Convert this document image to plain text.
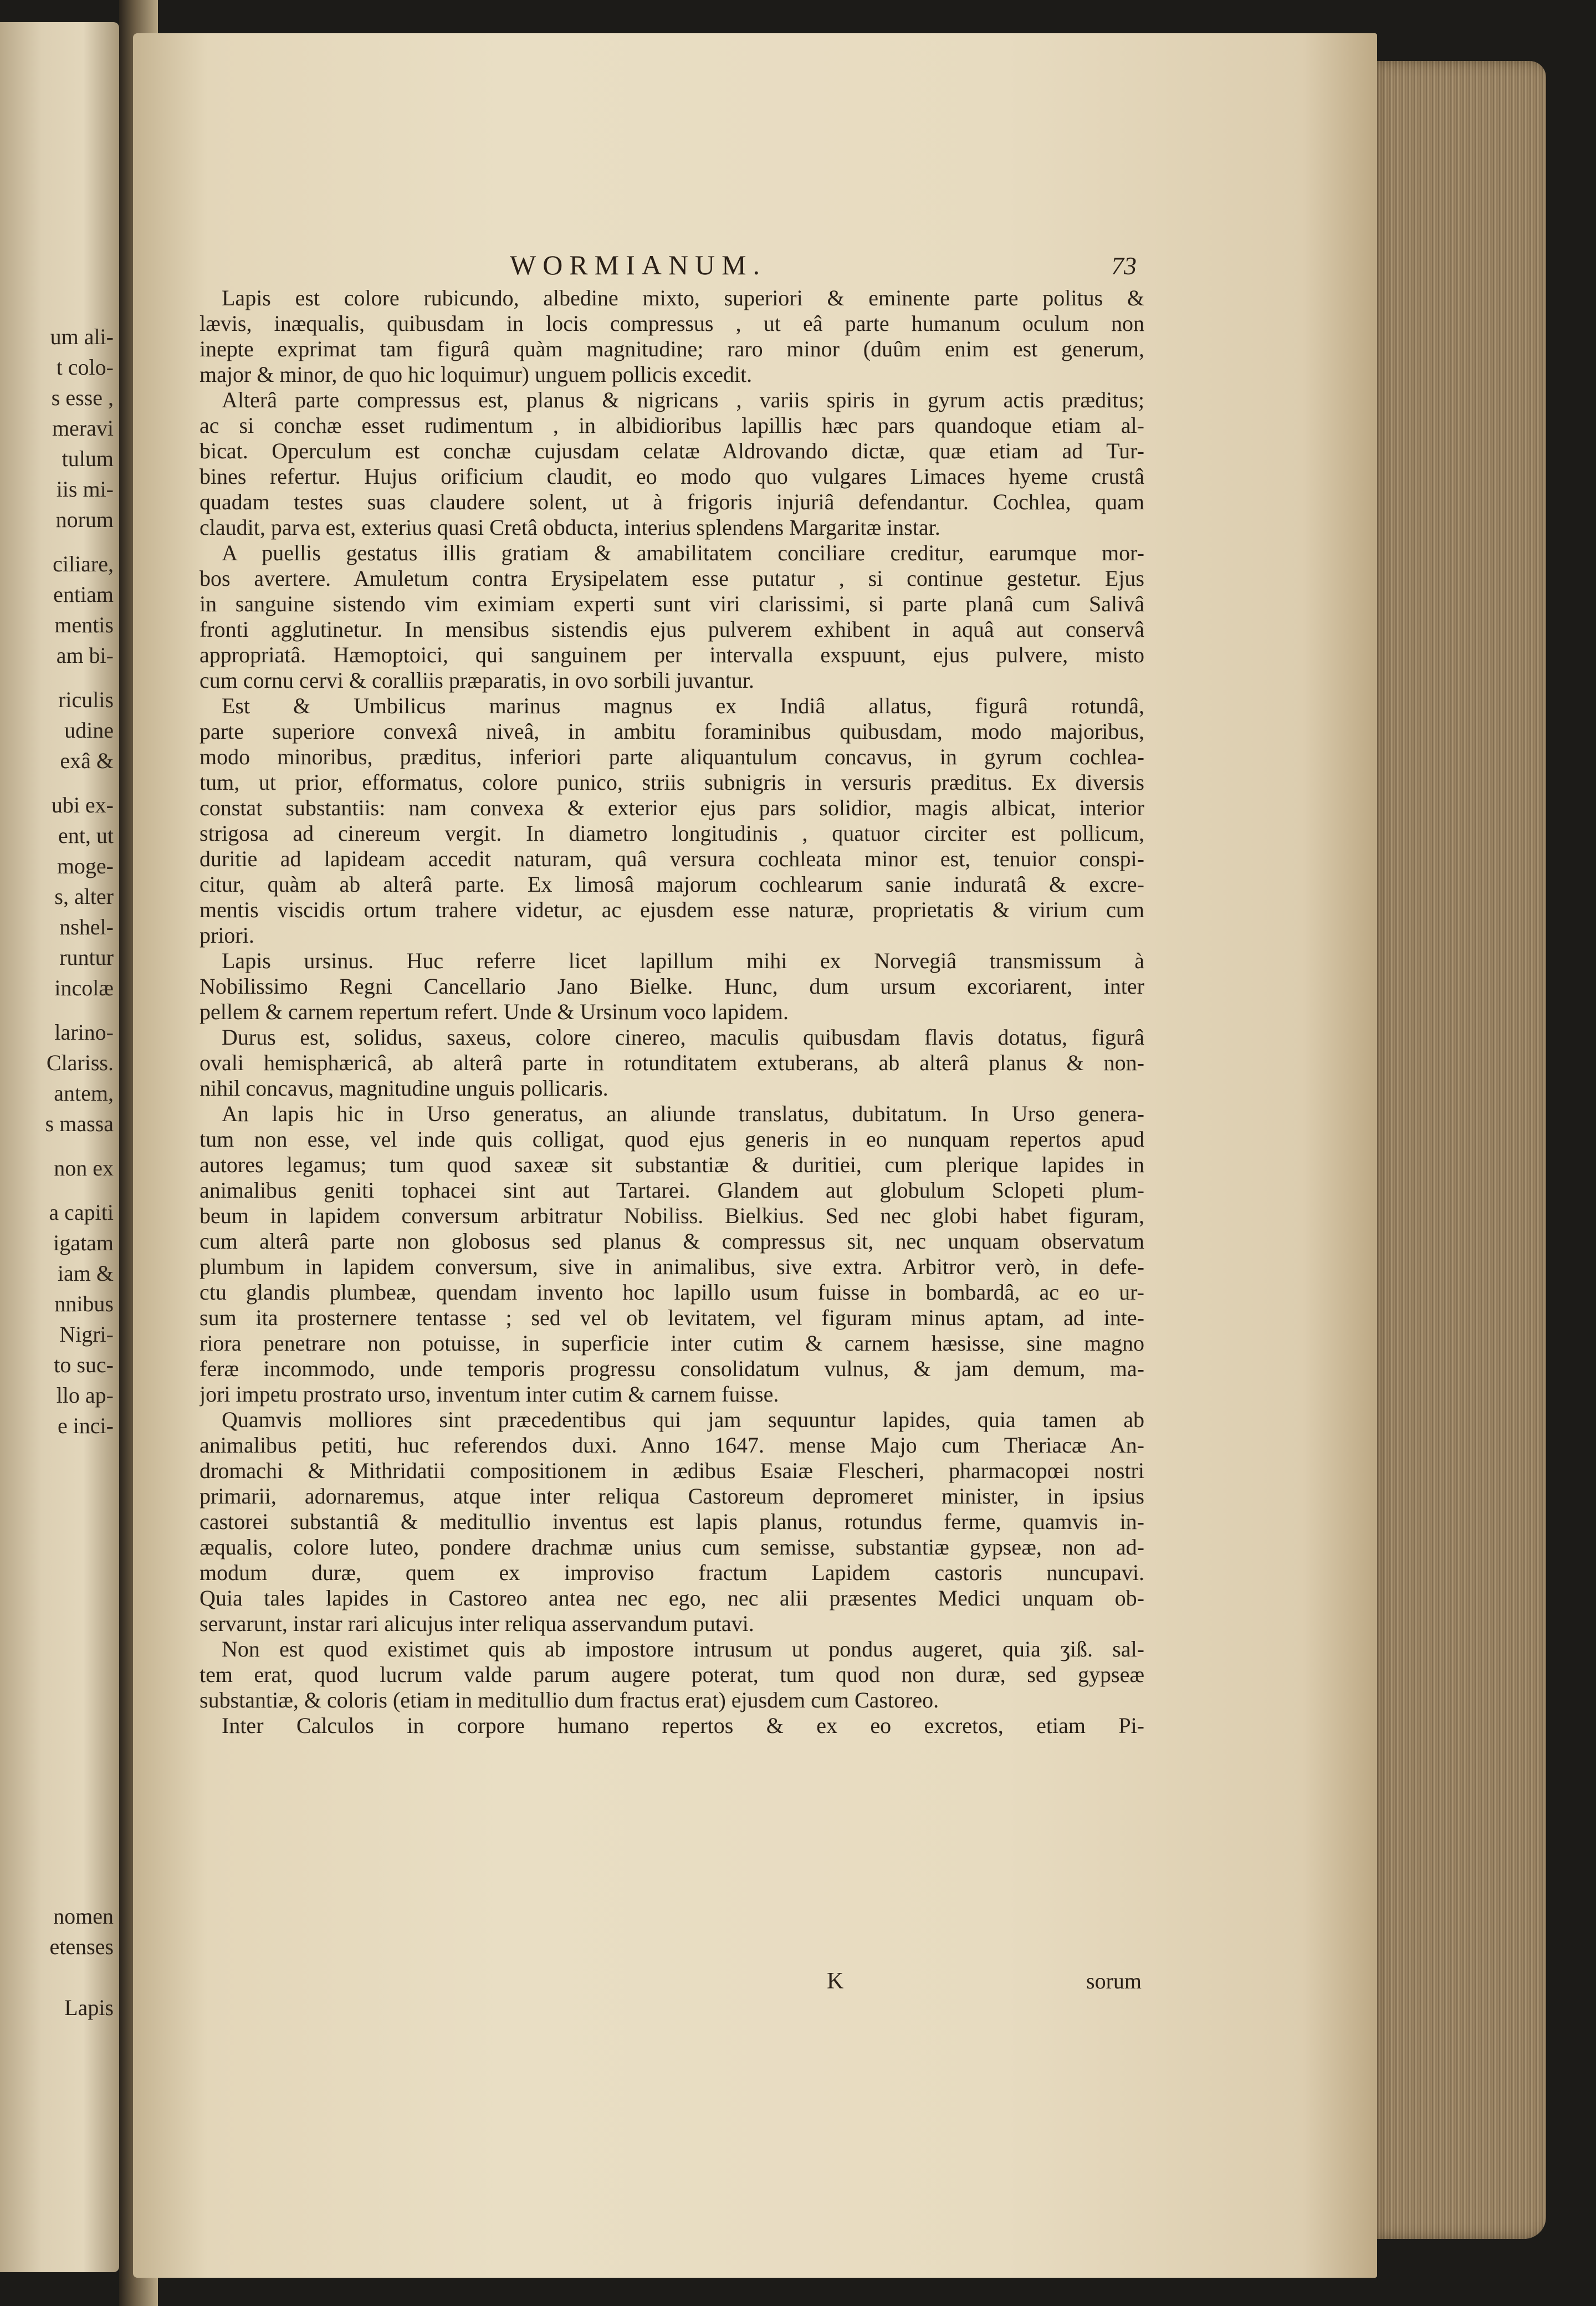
um ali-
t colo-
s esse ,
meravi
tulum
iis mi-
norum
ciliare,
entiam
mentis
am bi-
riculis
udine
exâ &
ubi ex-
ent, ut
moge-
s, alter
nshel-
runtur
incolæ
larino-
Clariss.
antem,
s massa
non ex
a capiti
igatam
iam &
nnibus
Nigri-
to suc-
llo ap-
e inci-
nomen
etenses
Lapis
WORMIANUM.	73
Lapis est colore rubicundo, albedine mixto, superiori & eminente parte politus &
lævis, inæqualis, quibusdam in locis compressus , ut eâ parte humanum oculum non
inepte exprimat tam figurâ quàm magnitudine; raro minor (duûm enim est generum,
major & minor, de quo hic loquimur) unguem pollicis excedit.
Alterâ parte compressus est, planus & nigricans , variis spiris in gyrum actis præditus;
ac si conchæ esset rudimentum , in albidioribus lapillis hæc pars quandoque etiam al-
bicat. Operculum est conchæ cujusdam celatæ Aldrovando dictæ, quæ etiam ad Tur-
bines refertur. Hujus orificium claudit, eo modo quo vulgares Limaces hyeme crustâ
quadam testes suas claudere solent, ut à frigoris injuriâ defendantur. Cochlea, quam
claudit, parva est, exterius quasi Cretâ obducta, interius splendens Margaritæ instar.
A puellis gestatus illis gratiam & amabilitatem conciliare creditur, earumque mor-
bos avertere. Amuletum contra Erysipelatem esse putatur , si continue gestetur. Ejus
in sanguine sistendo vim eximiam experti sunt viri clarissimi, si parte planâ cum Salivâ
fronti agglutinetur. In mensibus sistendis ejus pulverem exhibent in aquâ aut conservâ
appropriatâ. Hæmoptoici, qui sanguinem per intervalla exspuunt, ejus pulvere, misto
cum cornu cervi & coralliis præparatis, in ovo sorbili juvantur.
Est & Umbilicus marinus magnus ex Indiâ allatus, figurâ rotundâ,
parte superiore convexâ niveâ, in ambitu foraminibus quibusdam, modo majoribus,
modo minoribus, præditus, inferiori parte aliquantulum concavus, in gyrum cochlea-
tum, ut prior, efformatus, colore punico, striis subnigris in versuris præditus. Ex diversis
constat substantiis: nam convexa & exterior ejus pars solidior, magis albicat, interior
strigosa ad cinereum vergit. In diametro longitudinis , quatuor circiter est pollicum,
duritie ad lapideam accedit naturam, quâ versura cochleata minor est, tenuior conspi-
citur, quàm ab alterâ parte. Ex limosâ majorum cochlearum sanie induratâ & excre-
mentis viscidis ortum trahere videtur, ac ejusdem esse naturæ, proprietatis & virium cum
priori.
Lapis ursinus. Huc referre licet lapillum mihi ex Norvegiâ transmissum à
Nobilissimo Regni Cancellario Jano Bielke. Hunc, dum ursum excoriarent, inter
pellem & carnem repertum refert. Unde & Ursinum voco lapidem.
Durus est, solidus, saxeus, colore cinereo, maculis quibusdam flavis dotatus, figurâ
ovali hemisphæricâ, ab alterâ parte in rotunditatem extuberans, ab alterâ planus & non-
nihil concavus, magnitudine unguis pollicaris.
An lapis hic in Urso generatus, an aliunde translatus, dubitatum. In Urso genera-
tum non esse, vel inde quis colligat, quod ejus generis in eo nunquam repertos apud
autores legamus; tum quod saxeæ sit substantiæ & duritiei, cum plerique lapides in
animalibus geniti tophacei sint aut Tartarei. Glandem aut globulum Sclopeti plum-
beum in lapidem conversum arbitratur Nobiliss. Bielkius. Sed nec globi habet figuram,
cum alterâ parte non globosus sed planus & compressus sit, nec unquam observatum
plumbum in lapidem conversum, sive in animalibus, sive extra. Arbitror verò, in defe-
ctu glandis plumbeæ, quendam invento hoc lapillo usum fuisse in bombardâ, ac eo ur-
sum ita prosternere tentasse ; sed vel ob levitatem, vel figuram minus aptam, ad inte-
riora penetrare non potuisse, in superficie inter cutim & carnem hæsisse, sine magno
feræ incommodo, unde temporis progressu consolidatum vulnus, & jam demum, ma-
jori impetu prostrato urso, inventum inter cutim & carnem fuisse.
Quamvis molliores sint præcedentibus qui jam sequuntur lapides, quia tamen ab
animalibus petiti, huc referendos duxi. Anno 1647. mense Majo cum Theriacæ An-
dromachi & Mithridatii compositionem in ædibus Esaiæ Flescheri, pharmacopœi nostri
primarii, adornaremus, atque inter reliqua Castoreum depromeret minister, in ipsius
castorei substantiâ & meditullio inventus est lapis planus, rotundus ferme, quamvis in-
æqualis, colore luteo, pondere drachmæ unius cum semisse, substantiæ gypseæ, non ad-
modum duræ, quem ex improviso fractum Lapidem castoris nuncupavi.
Quia tales lapides in Castoreo antea nec ego, nec alii præsentes Medici unquam ob-
servarunt, instar rari alicujus inter reliqua asservandum putavi.
Non est quod existimet quis ab impostore intrusum ut pondus augeret, quia ʒiß. sal-
tem erat, quod lucrum valde parum augere poterat, tum quod non duræ, sed gypseæ
substantiæ, & coloris (etiam in meditullio dum fractus erat) ejusdem cum Castoreo.
Inter Calculos in corpore humano repertos & ex eo excretos, etiam Pi-
K	sorum
